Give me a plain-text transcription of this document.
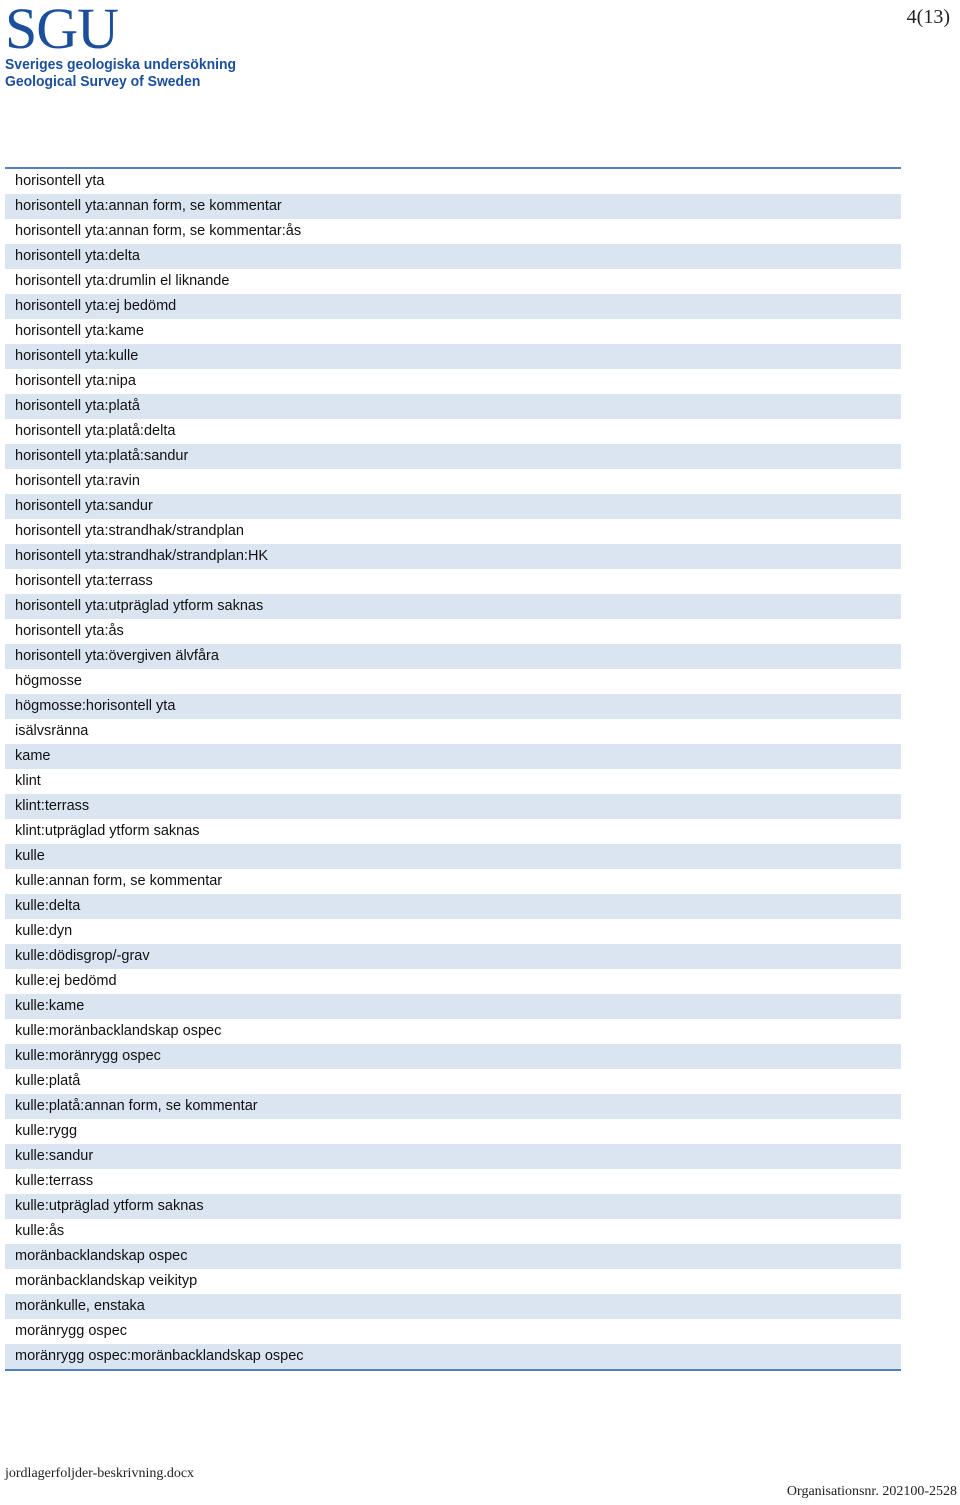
SGU
Sveriges geologiska undersökning
Geological Survey of Sweden
4(13)
horisontell yta
horisontell yta:annan form, se kommentar
horisontell yta:annan form, se kommentar:ås
horisontell yta:delta
horisontell yta:drumlin el liknande
horisontell yta:ej bedömd
horisontell yta:kame
horisontell yta:kulle
horisontell yta:nipa
horisontell yta:platå
horisontell yta:platå:delta
horisontell yta:platå:sandur
horisontell yta:ravin
horisontell yta:sandur
horisontell yta:strandhak/strandplan
horisontell yta:strandhak/strandplan:HK
horisontell yta:terrass
horisontell yta:utpräglad ytform saknas
horisontell yta:ås
horisontell yta:övergiven älvfåra
högmosse
högmosse:horisontell yta
isälvsränna
kame
klint
klint:terrass
klint:utpräglad ytform saknas
kulle
kulle:annan form, se kommentar
kulle:delta
kulle:dyn
kulle:dödisgrop/-grav
kulle:ej bedömd
kulle:kame
kulle:moränbacklandskap ospec
kulle:moränrygg ospec
kulle:platå
kulle:platå:annan form, se kommentar
kulle:rygg
kulle:sandur
kulle:terrass
kulle:utpräglad ytform saknas
kulle:ås
moränbacklandskap ospec
moränbacklandskap veikityp
moränkulle, enstaka
moränrygg ospec
moränrygg ospec:moränbacklandskap ospec
jordlagerfoljder-beskrivning.docx
Organisationsnr. 202100-2528
